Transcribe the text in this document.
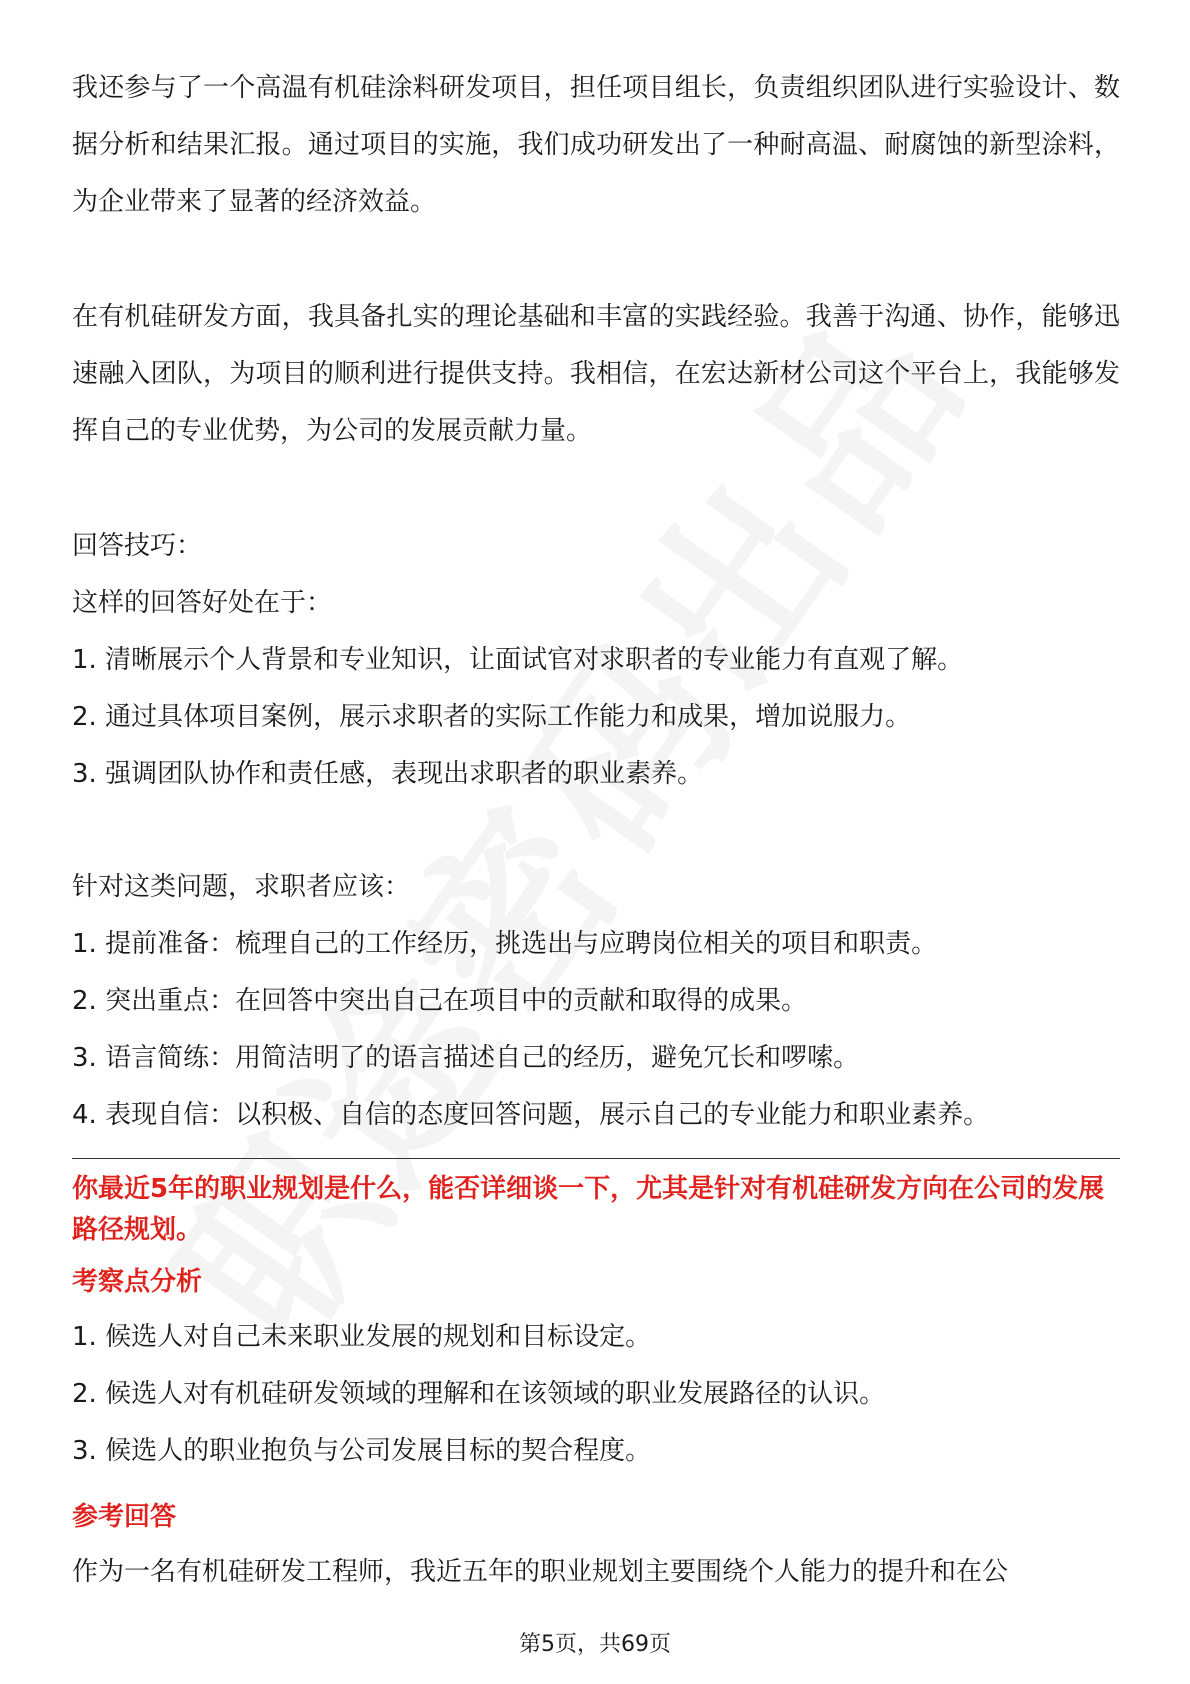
我还参与了一个高温有机硅涂料研发项目，担任项目组长，负责组织团队进行实验设计、数据分析和结果汇报。通过项目的实施，我们成功研发出了一种耐高温、耐腐蚀的新型涂料，为企业带来了显著的经济效益。

在有机硅研发方面，我具备扎实的理论基础和丰富的实践经验。我善于沟通、协作，能够迅速融入团队，为项目的顺利进行提供支持。我相信，在宏达新材公司这个平台上，我能够发挥自己的专业优势，为公司的发展贡献力量。

回答技巧：

这样的回答好处在于：

1. 清晰展示个人背景和专业知识，让面试官对求职者的专业能力有直观了解。

2. 通过具体项目案例，展示求职者的实际工作能力和成果，增加说服力。

3. 强调团队协作和责任感，表现出求职者的职业素养。

针对这类问题，求职者应该：

1. 提前准备：梳理自己的工作经历，挑选出与应聘岗位相关的项目和职责。

2. 突出重点：在回答中突出自己在项目中的贡献和取得的成果。

3. 语言简练：用简洁明了的语言描述自己的经历，避免冗长和啰嗦。

4. 表现自信：以积极、自信的态度回答问题，展示自己的专业能力和职业素养。

你最近5年的职业规划是什么，能否详细谈一下，尤其是针对有机硅研发方向在公司的发展路径规划。

考察点分析

1. 候选人对自己未来职业发展的规划和目标设定。

2. 候选人对有机硅研发领域的理解和在该领域的职业发展路径的认识。

3. 候选人的职业抱负与公司发展目标的契合程度。

参考回答

作为一名有机硅研发工程师，我近五年的职业规划主要围绕个人能力的提升和在公

第5页，共69页
